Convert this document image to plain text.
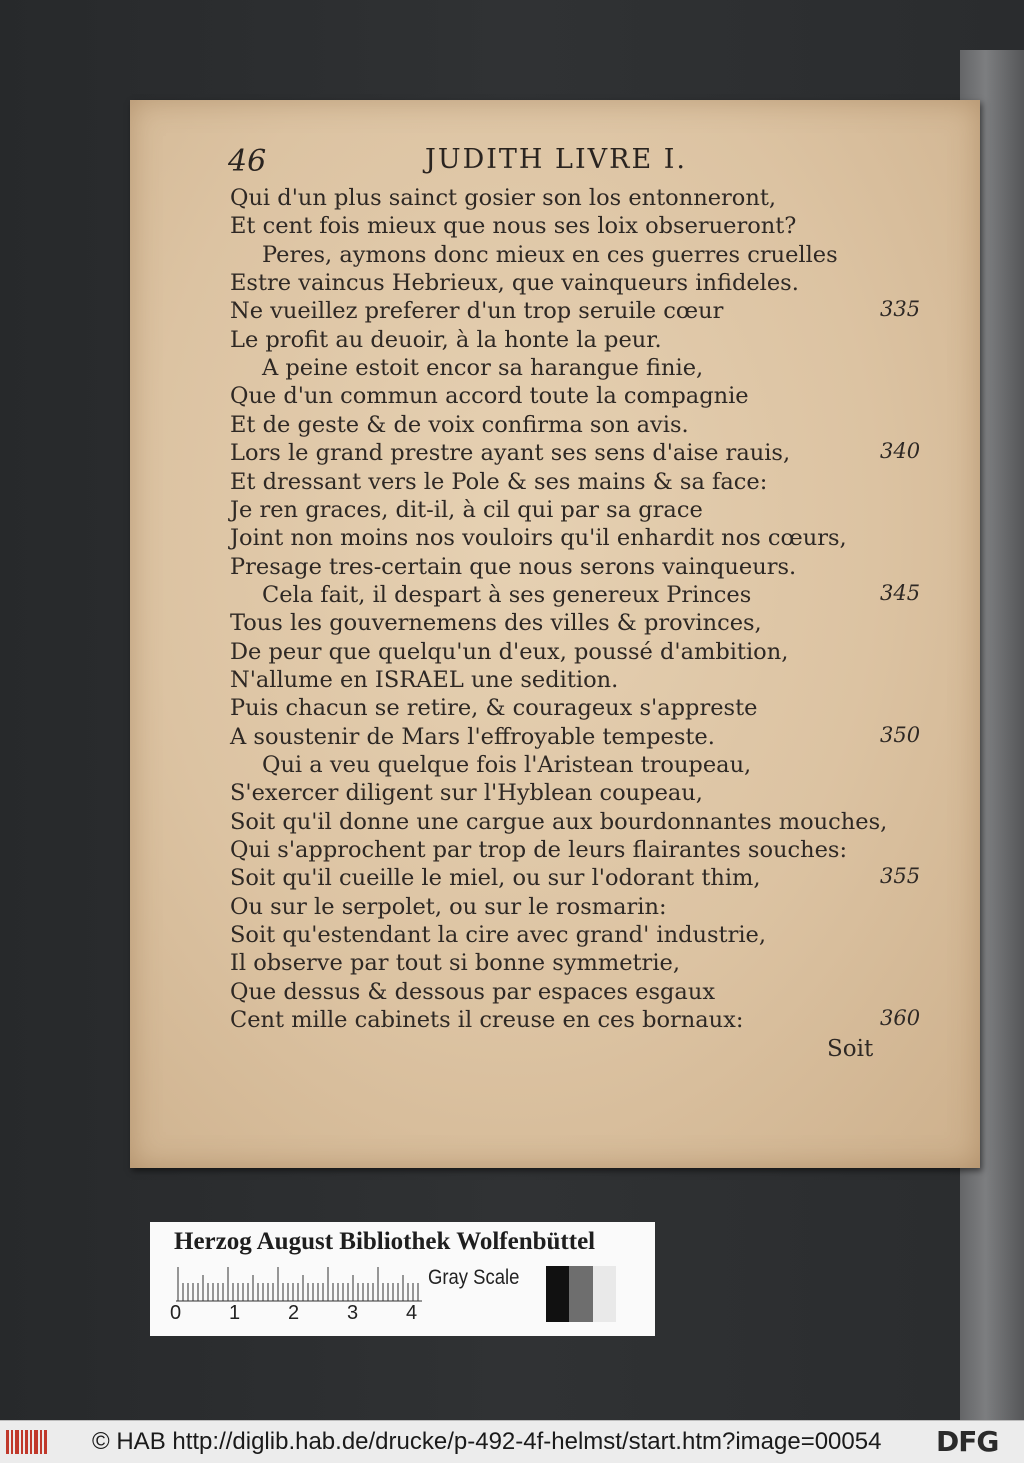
46	JUDITH LIVRE I.
Qui d'un plus sainct gosier son los entonneront,
Et cent fois mieux que nous ses loix obserueront?
Peres, aymons donc mieux en ces guerres cruelles
Estre vaincus Hebrieux, que vainqueurs infideles.
Ne vueillez preferer d'un trop seruile cœur	335
Le profit au deuoir, à la honte la peur.
A peine estoit encor sa harangue finie,
Que d'un commun accord toute la compagnie
Et de geste & de voix confirma son avis.
Lors le grand prestre ayant ses sens d'aise rauis,	340
Et dressant vers le Pole & ses mains & sa face:
Je ren graces, dit-il, à cil qui par sa grace
Joint non moins nos vouloirs qu'il enhardit nos cœurs,
Presage tres-certain que nous serons vainqueurs.
Cela fait, il despart à ses genereux Princes	345
Tous les gouvernemens des villes & provinces,
De peur que quelqu'un d'eux, poussé d'ambition,
N'allume en ISRAEL une sedition.
Puis chacun se retire, & courageux s'appreste
A soustenir de Mars l'effroyable tempeste.	350
Qui a veu quelque fois l'Aristean troupeau,
S'exercer diligent sur l'Hyblean coupeau,
Soit qu'il donne une cargue aux bourdonnantes mouches,
Qui s'approchent par trop de leurs flairantes souches:
Soit qu'il cueille le miel, ou sur l'odorant thim,	355
Ou sur le serpolet, ou sur le rosmarin:
Soit qu'estendant la cire avec grand' industrie,
Il observe par tout si bonne symmetrie,
Que dessus & dessous par espaces esgaux
Cent mille cabinets il creuse en ces bornaux:	360
Soit
Herzog August Bibliothek Wolfenbüttel
0 1 2 3 4
Gray Scale
© HAB http://diglib.hab.de/drucke/p-492-4f-helmst/start.htm?image=00054 DFG
